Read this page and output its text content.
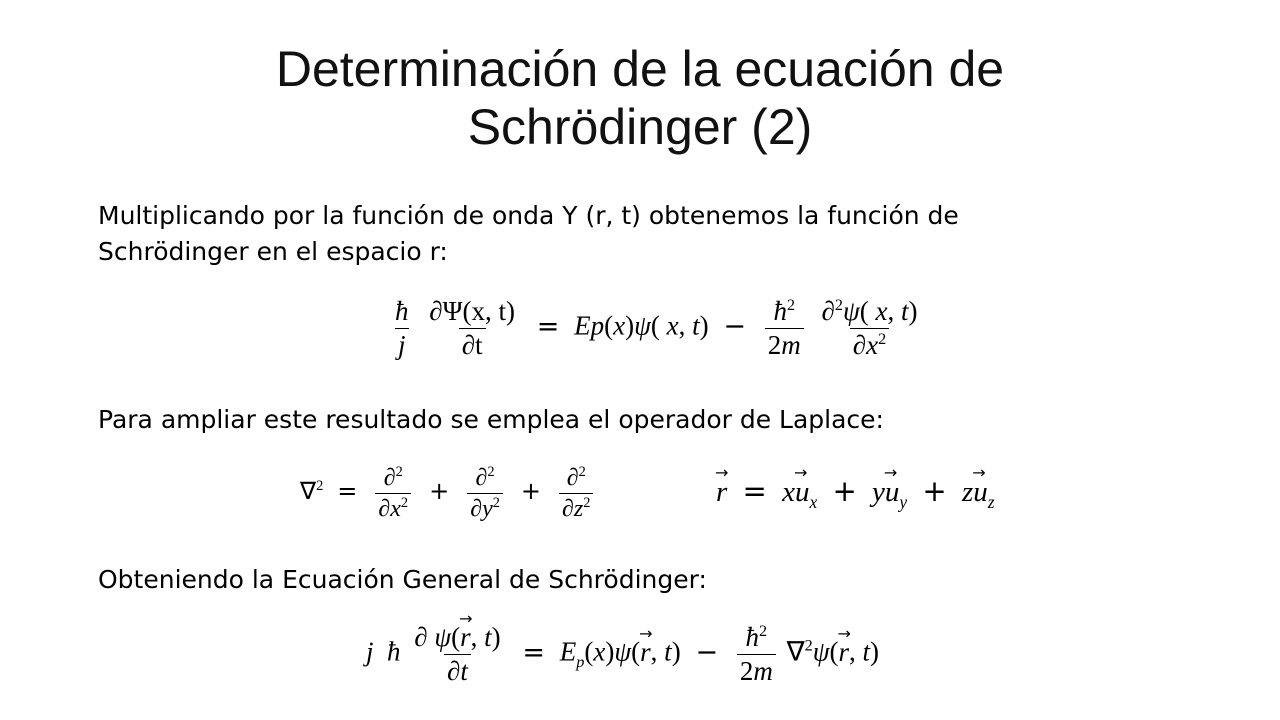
Determinación de la ecuación de
Schrödinger (2)
Multiplicando por la función de onda Y (r, t) obtenemos la función de
Schrödinger en el espacio r:
$\frac{ħ}{j}$
$\frac{\partial\Psi(x, t)}{\partial t} = Ep(x)\psi$( x, $t) - \frac{ħ^2}{2m}$
$\frac{\partial^2\psi( x, t)}{\partial x^2}$
Para ampliar este resultado se emplea el operador de Laplace:
$\nabla^2 = \frac{\partial^2}{\partial x^2} + \frac{\partial^2}{\partial y^2} + \frac{\partial^2}{\partial z^2}$
→	$r = x\to u_x + y\to u_y + z\to u_z$
Obteniendo la Ecuación General de Schrödinger:
j ħ $\frac{\partial \psi(\to r, t)}{\partial t} = E_p(x)\psi(\to r$, $t) - \frac{ħ^2}{2m} \nabla^2\psi(\to r$, t)
